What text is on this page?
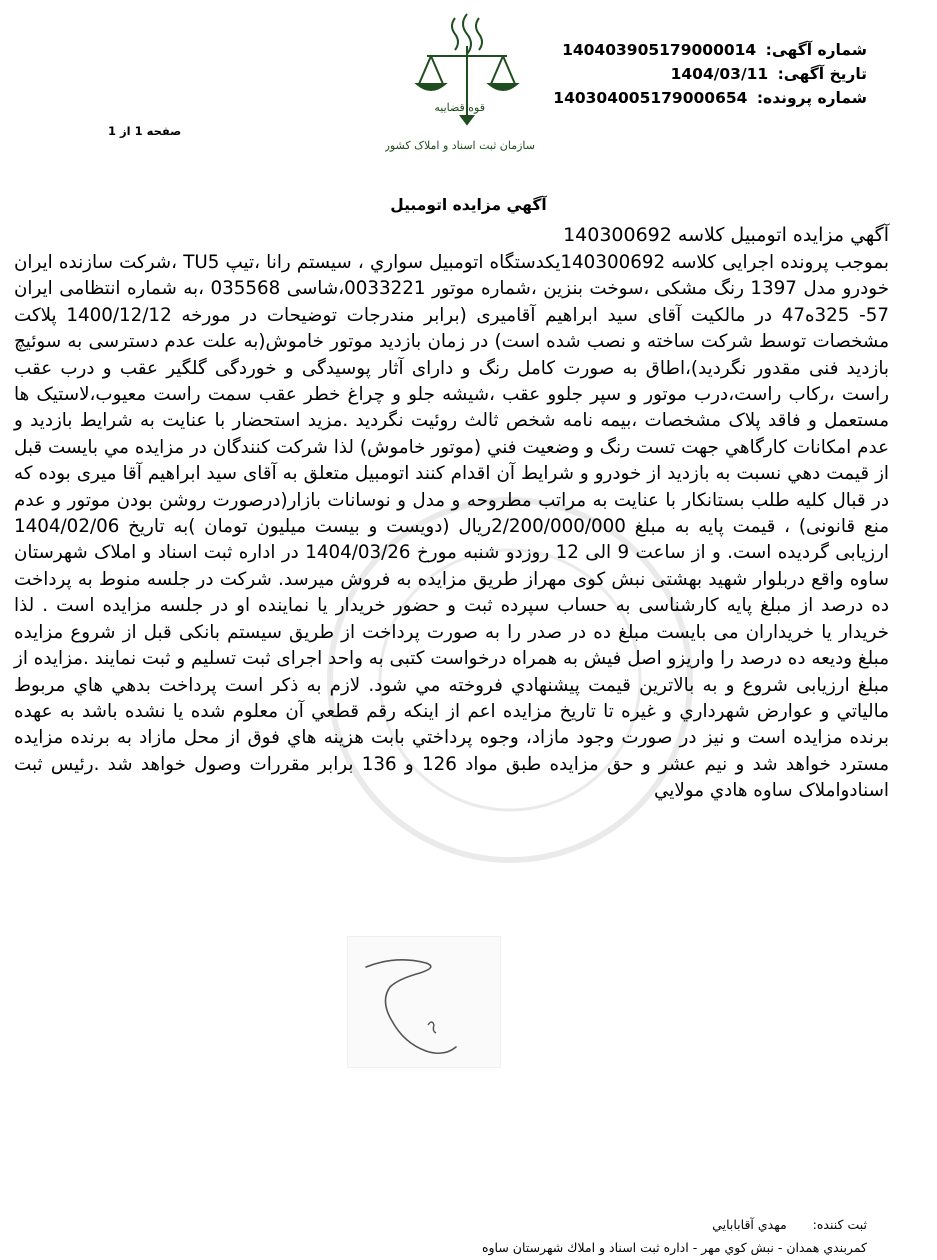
شماره آگهی: 140403905179000014
تاریخ آگهی: 1404/03/11
شماره پرونده: 140304005179000654
قوه قضاییه
سازمان ثبت اسناد و املاک کشور
صفحه 1 از 1
آگهي مزايده اتومبيل
آگهي مزايده اتومبيل كلاسه 140300692
بموجب پرونده اجرايی كلاسه 140300692يكدستگاه اتومبيل سواري ، سيستم رانا ،تيپ TU5 ،شركت سازنده ايران خودرو مدل 1397 رنگ مشكی ،سوخت بنزين ،شماره موتور 0033221،شاسی 035568 ،به شماره انتظامی ايران 57- 325ه47 در مالكيت آقای سيد ابراهيم آقاميری (برابر مندرجات توضيحات در مورخه 1400/12/12 پلاكت مشخصات توسط شركت ساخته و نصب شده است) در زمان بازديد موتور خاموش(به علت عدم دسترسی به سوئيچ بازديد فنی مقدور نگرديد)،اطاق به صورت كامل رنگ و دارای آثار پوسيدگی و خوردگی گلگير عقب و درب عقب راست ،ركاب راست،درب موتور و سپر جلوو عقب ،شيشه جلو و چراغ خطر عقب سمت راست معيوب،لاستيک ها مستعمل و فاقد پلاک مشخصات ،بيمه نامه شخص ثالث روئيت نگرديد .مزيد استحضار با عنايت به شرايط بازديد و عدم امكانات كارگاهي جهت تست رنگ و وضعيت فني (موتور خاموش) لذا شركت كنندگان در مزايده مي بايست قبل از قيمت دهي نسبت به بازديد از خودرو و شرايط آن اقدام كنند اتومبيل متعلق به آقای سيد ابراهيم آقا ميری بوده كه در قبال كليه طلب بستانكار با عنايت به مراتب مطروحه و مدل و نوسانات بازار(درصورت روشن بودن موتور و عدم منع قانونی) ، قيمت پايه به مبلغ 2/200/000/000ريال (دويست و بيست ميليون تومان )به تاريخ 1404/02/06 ارزيابی گرديده است. و از ساعت 9 الی 12 روزدو شنبه مورخ 1404/03/26 در اداره ثبت اسناد و املاک شهرستان ساوه واقع دربلوار شهيد بهشتی نبش كوی مهراز طريق مزايده به فروش ميرسد. شركت در جلسه منوط به پرداخت ده درصد از مبلغ پايه كارشناسی به حساب سپرده ثبت و حضور خريدار يا نماينده او در جلسه مزايده است . لذا خريدار يا خريداران می بايست مبلغ ده در صدر را به صورت پرداخت از طريق سيستم بانكی قبل از شروع مزايده مبلغ وديعه ده درصد را واريزو اصل فيش به همراه درخواست كتبی به واحد اجرای ثبت تسليم و ثبت نمايند .مزايده از مبلغ ارزيابی شروع و به بالاترين قيمت پيشنهادي فروخته مي شود. لازم به ذكر است پرداخت بدهي هاي مربوط مالياتي و عوارض شهرداري و غيره تا تاريخ مزايده اعم از اينكه رقم قطعي آن معلوم شده يا نشده باشد به عهده برنده مزايده است و نيز در صورت وجود مازاد، وجوه پرداختي بابت هزينه هاي فوق از محل مازاد به برنده مزايده مسترد خواهد شد و نيم عشر و حق مزايده طبق مواد 126 و 136 برابر مقررات وصول خواهد شد .رئيس ثبت اسنادواملاک ساوه هادي مولايي
ثبت كننده: مهدي آقابابايي
كمربندي همدان - نبش كوي مهر - اداره ثبت اسناد و املاك شهرستان ساوه
